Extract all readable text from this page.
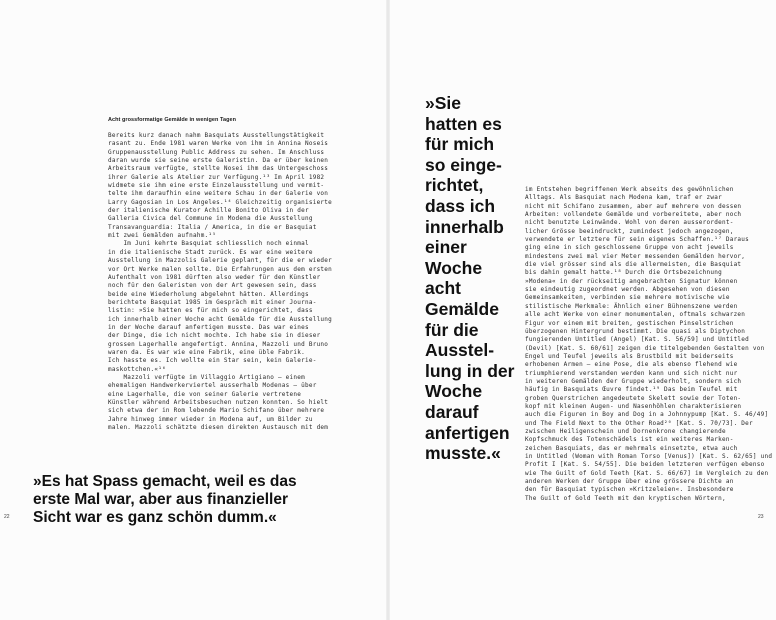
Acht grossformatige Gemälde in wenigen Tagen
Bereits kurz danach nahm Basquiats Ausstellungstätigkeit
rasant zu. Ende 1981 waren Werke von ihm in Annina Noseis
Gruppenausstellung Public Address zu sehen. Im Anschluss
daran wurde sie seine erste Galeristin. Da er über keinen
Arbeitsraum verfügte, stellte Nosei ihm das Untergeschoss
ihrer Galerie als Atelier zur Verfügung.¹³ Im April 1982
widmete sie ihm eine erste Einzelausstellung und vermit-
telte ihm daraufhin eine weitere Schau in der Galerie von
Larry Gagosian in Los Angeles.¹⁴ Gleichzeitig organisierte
der italienische Kurator Achille Bonito Oliva in der
Galleria Civica del Commune in Modena die Ausstellung
Transavanguardia: Italia / America, in die er Basquiat
mit zwei Gemälden aufnahm.¹⁵
Im Juni kehrte Basquiat schliesslich noch einmal
in die italienische Stadt zurück. Es war eine weitere
Ausstellung in Mazzolis Galerie geplant, für die er wieder
vor Ort Werke malen sollte. Die Erfahrungen aus dem ersten
Aufenthalt von 1981 dürften also weder für den Künstler
noch für den Galeristen von der Art gewesen sein, dass
beide eine Wiederholung abgelehnt hätten. Allerdings
berichtete Basquiat 1985 im Gespräch mit einer Journa-
listin: »Sie hatten es für mich so eingerichtet, dass
ich innerhalb einer Woche acht Gemälde für die Ausstellung
in der Woche darauf anfertigen musste. Das war eines
der Dinge, die ich nicht mochte. Ich habe sie in dieser
grossen Lagerhalle angefertigt. Annina, Mazzoli und Bruno
waren da. Es war wie eine Fabrik, eine üble Fabrik.
Ich hasste es. Ich wollte ein Star sein, kein Galerie-
maskottchen.«¹⁶
Mazzoli verfügte im Villaggio Artigiano – einem
ehemaligen Handwerkerviertel ausserhalb Modenas – über
eine Lagerhalle, die von seiner Galerie vertretene
Künstler während Arbeitsbesuchen nutzen konnten. So hielt
sich etwa der in Rom lebende Mario Schifano über mehrere
Jahre hinweg immer wieder in Modena auf, um Bilder zu
malen. Mazzoli schätzte diesen direkten Austausch mit dem
»Es hat Spass gemacht, weil es das
erste Mal war, aber aus finanzieller
Sicht war es ganz schön dumm.«
»Sie
hatten es
für mich
so einge-
richtet,
dass ich
innerhalb
einer
Woche
acht
Gemälde
für die
Ausstel-
lung in der
Woche
darauf
anfertigen
musste.«
im Entstehen begriffenen Werk abseits des gewöhnlichen
Alltags. Als Basquiat nach Modena kam, traf er zwar
nicht mit Schifano zusammen, aber auf mehrere von dessen
Arbeiten: vollendete Gemälde und vorbereitete, aber noch
nicht benutzte Leinwände. Wohl von deren ausserordent-
licher Grösse beeindruckt, zumindest jedoch angezogen,
verwendete er letztere für sein eigenes Schaffen.¹⁷ Daraus
ging eine in sich geschlossene Gruppe von acht jeweils
mindestens zwei mal vier Meter messenden Gemälden hervor,
die viel grösser sind als die allermeisten, die Basquiat
bis dahin gemalt hatte.¹⁸ Durch die Ortsbezeichnung
»Modena« in der rückseitig angebrachten Signatur können
sie eindeutig zugeordnet werden. Abgesehen von diesen
Gemeinsamkeiten, verbinden sie mehrere motivische wie
stilistische Merkmale: Ähnlich einer Bühnenszene werden
alle acht Werke von einer monumentalen, oftmals schwarzen
Figur vor einem mit breiten, gestischen Pinselstrichen
überzogenen Hintergrund bestimmt. Die quasi als Diptychon
fungierenden Untitled (Angel) [Kat. S. 56/59] und Untitled
(Devil) [Kat. S. 60/61] zeigen die titelgebenden Gestalten von
Engel und Teufel jeweils als Brustbild mit beiderseits
erhobenen Armen – eine Pose, die als ebenso flehend wie
triumphierend verstanden werden kann und sich nicht nur
in weiteren Gemälden der Gruppe wiederholt, sondern sich
häufig in Basquiats Œuvre findet.¹⁹ Das beim Teufel mit
groben Querstrichen angedeutete Skelett sowie der Toten-
kopf mit kleinen Augen- und Nasenhöhlen charakterisieren
auch die Figuren in Boy and Dog in a Johnnypump [Kat. S. 46/49]
und The Field Next to the Other Road²⁰ [Kat. S. 70/73]. Der
zwischen Heiligenschein und Dornenkrone changierende
Kopfschmuck des Totenschädels ist ein weiteres Marken-
zeichen Basquiats, das er mehrmals einsetzte, etwa auch
in Untitled (Woman with Roman Torso [Venus]) [Kat. S. 62/65] und
Profit I [Kat. S. 54/55]. Die beiden letzteren verfügen ebenso
wie The Guilt of Gold Teeth [Kat. S. 66/67] im Vergleich zu den
anderen Werken der Gruppe über eine grössere Dichte an
den für Basquiat typischen »Kritzeleien«. Insbesondere
The Guilt of Gold Teeth mit den kryptischen Wörtern,
22	23
